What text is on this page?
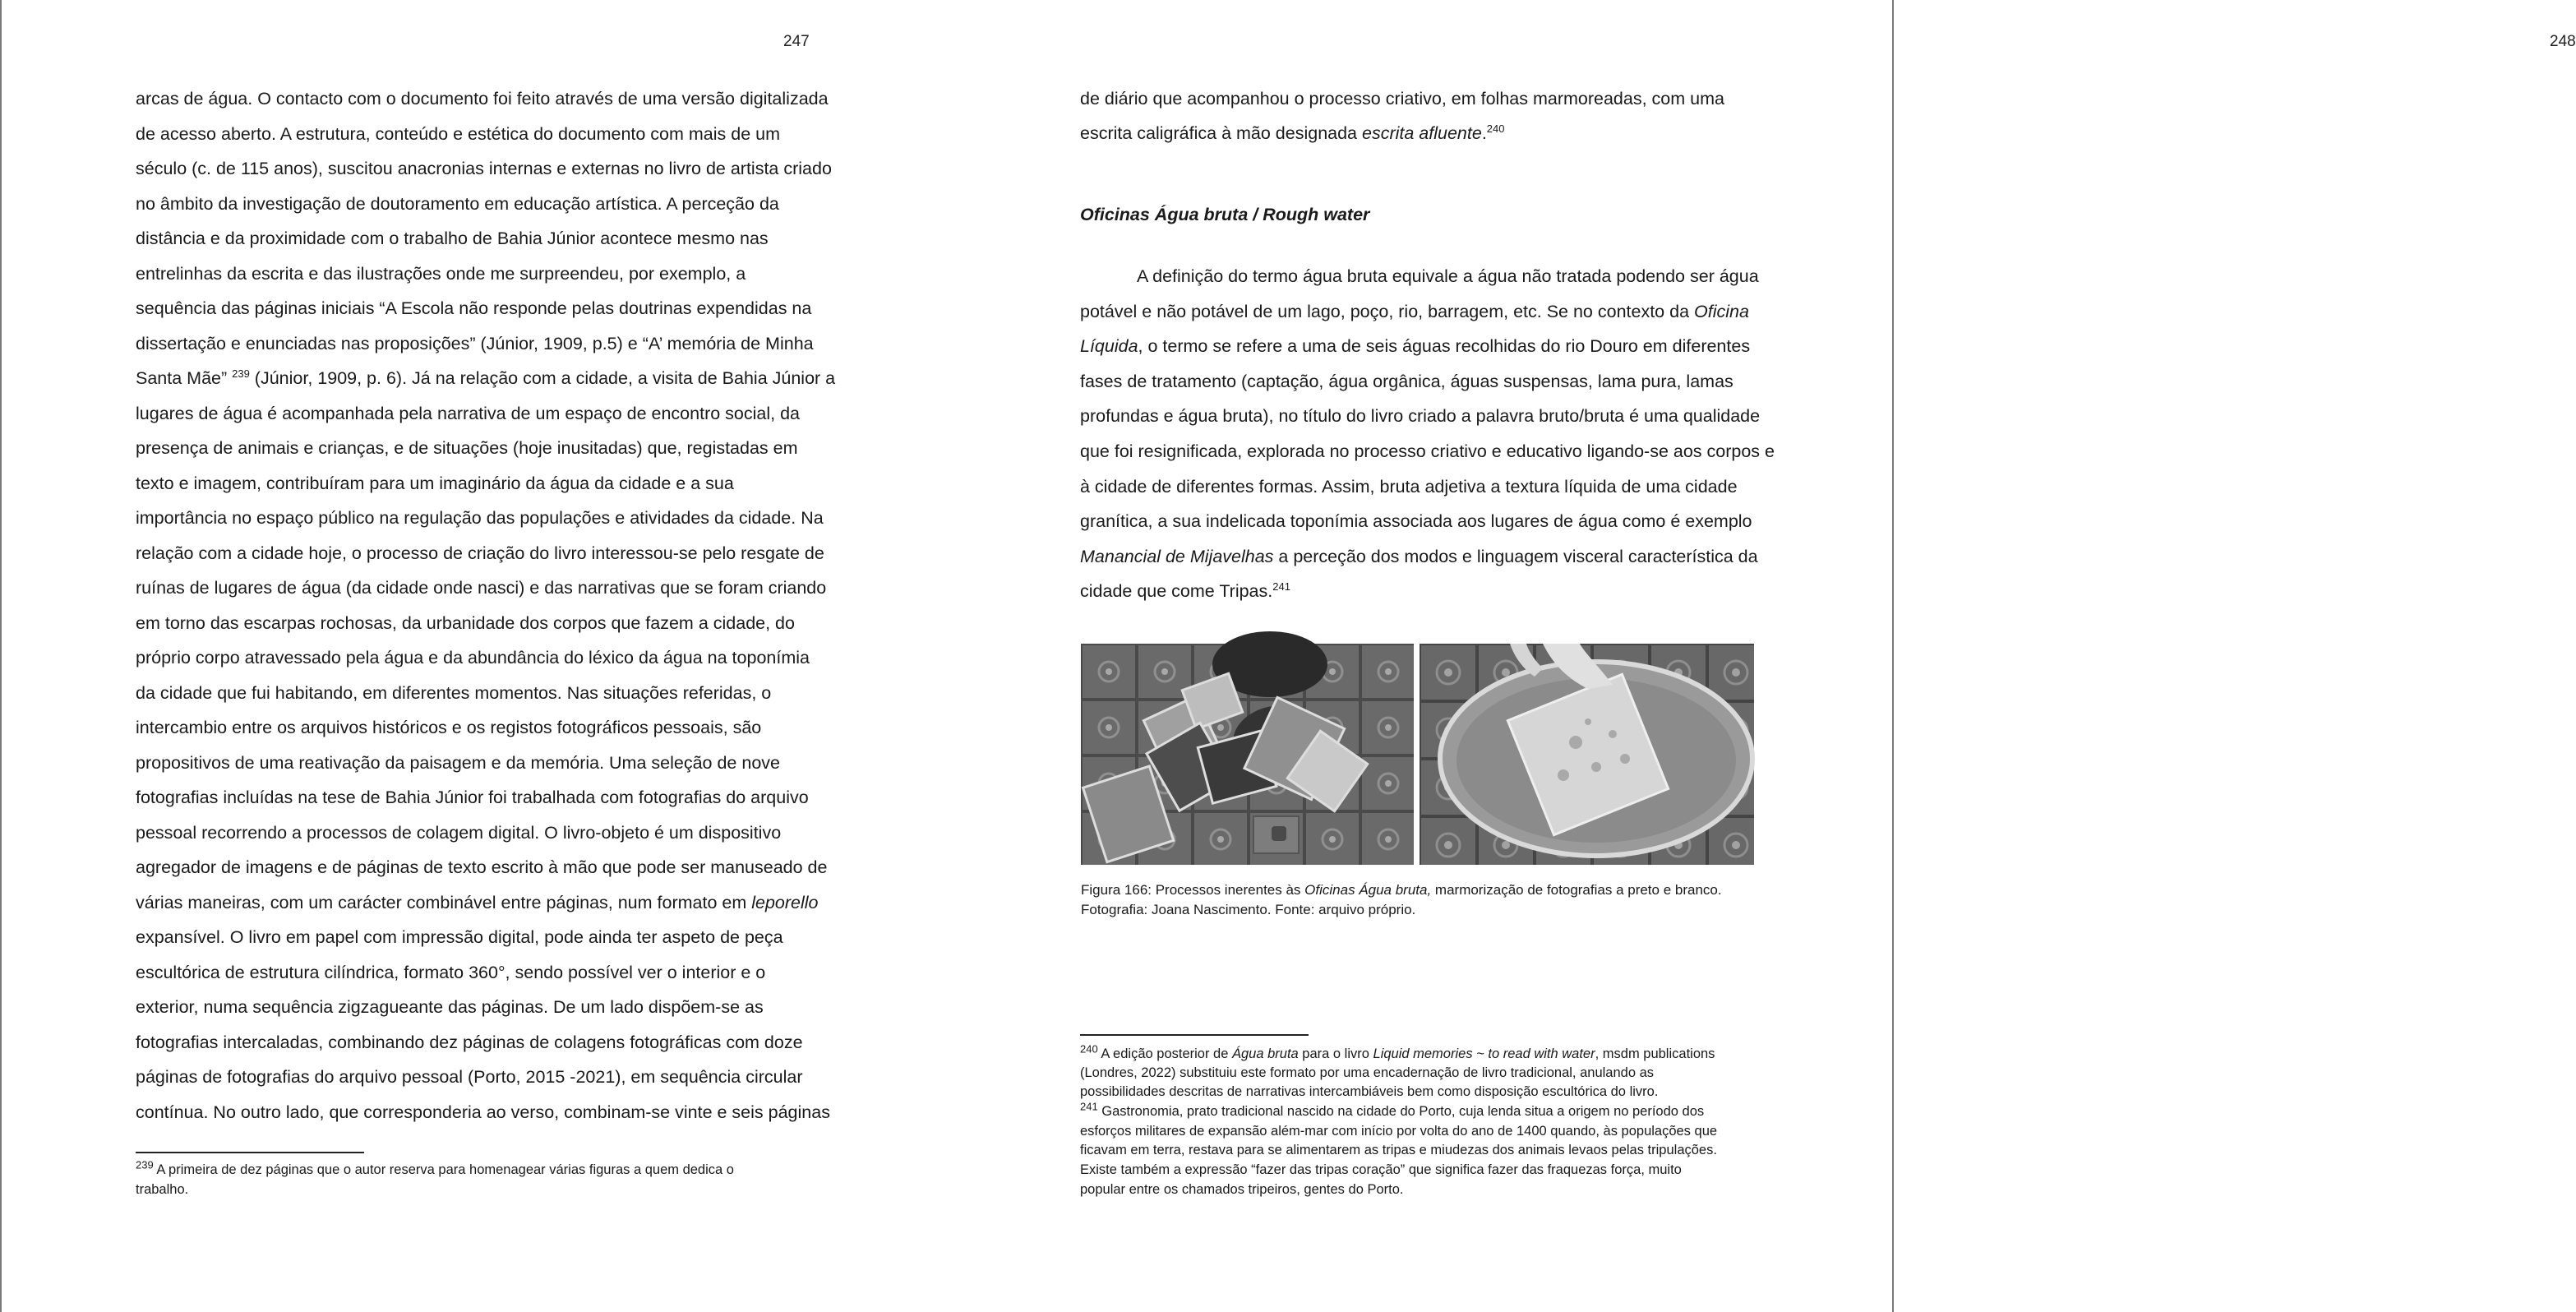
247
arcas de água. O contacto com o documento foi feito através de uma versão digitalizada
de acesso aberto. A estrutura, conteúdo e estética do documento com mais de um
século (c. de 115 anos), suscitou anacronias internas e externas no livro de artista criado
no âmbito da investigação de doutoramento em educação artística. A perceção da
distância e da proximidade com o trabalho de Bahia Júnior acontece mesmo nas
entrelinhas da escrita e das ilustrações onde me surpreendeu, por exemplo, a
sequência das páginas iniciais “A Escola não responde pelas doutrinas expendidas na
dissertação e enunciadas nas proposições” (Júnior, 1909, p.5) e “A’ memória de Minha
Santa Mãe” $^{239}$ (Júnior, 1909, p. 6). Já na relação com a cidade, a visita de Bahia Júnior a
lugares de água é acompanhada pela narrativa de um espaço de encontro social, da
presença de animais e crianças, e de situações (hoje inusitadas) que, registadas em
texto e imagem, contribuíram para um imaginário da água da cidade e a sua
importância no espaço público na regulação das populações e atividades da cidade. Na
relação com a cidade hoje, o processo de criação do livro interessou-se pelo resgate de
ruínas de lugares de água (da cidade onde nasci) e das narrativas que se foram criando
em torno das escarpas rochosas, da urbanidade dos corpos que fazem a cidade, do
próprio corpo atravessado pela água e da abundância do léxico da água na toponímia
da cidade que fui habitando, em diferentes momentos. Nas situações referidas, o
intercambio entre os arquivos históricos e os registos fotográficos pessoais, são
propositivos de uma reativação da paisagem e da memória. Uma seleção de nove
fotografias incluídas na tese de Bahia Júnior foi trabalhada com fotografias do arquivo
pessoal recorrendo a processos de colagem digital. O livro-objeto é um dispositivo
agregador de imagens e de páginas de texto escrito à mão que pode ser manuseado de
várias maneiras, com um carácter combinável entre páginas, num formato em leporello
expansível. O livro em papel com impressão digital, pode ainda ter aspeto de peça
escultórica de estrutura cilíndrica, formato 360°, sendo possível ver o interior e o
exterior, numa sequência zigzagueante das páginas. De um lado dispõem-se as
fotografias intercaladas, combinando dez páginas de colagens fotográficas com doze
páginas de fotografias do arquivo pessoal (Porto, 2015 -2021), em sequência circular
contínua. No outro lado, que corresponderia ao verso, combinam-se vinte e seis páginas
$^{239}$ A primeira de dez páginas que o autor reserva para homenagear várias figuras a quem dedica o
trabalho.
248
de diário que acompanhou o processo criativo, em folhas marmoreadas, com uma
escrita caligráfica à mão designada escrita afluente.$^{240}$
Oficinas Água bruta / Rough water
A definição do termo água bruta equivale a água não tratada podendo ser água
potável e não potável de um lago, poço, rio, barragem, etc. Se no contexto da Oficina
Líquida, o termo se refere a uma de seis águas recolhidas do rio Douro em diferentes
fases de tratamento (captação, água orgânica, águas suspensas, lama pura, lamas
profundas e água bruta), no título do livro criado a palavra bruto/bruta é uma qualidade
que foi resignificada, explorada no processo criativo e educativo ligando-se aos corpos e
à cidade de diferentes formas. Assim, bruta adjetiva a textura líquida de uma cidade
granítica, a sua indelicada toponímia associada aos lugares de água como é exemplo
Manancial de Mijavelhas a perceção dos modos e linguagem visceral característica da
cidade que come Tripas.$^{241}$
Figura 166: Processos inerentes às Oficinas Água bruta, marmorização de fotografias a preto e branco.
Fotografia: Joana Nascimento. Fonte: arquivo próprio.
$^{240}$ A edição posterior de Água bruta para o livro Liquid memories ~ to read with water, msdm publications
(Londres, 2022) substituiu este formato por uma encadernação de livro tradicional, anulando as
possibilidades descritas de narrativas intercambiáveis bem como disposição escultórica do livro.
$^{241}$ Gastronomia, prato tradicional nascido na cidade do Porto, cuja lenda situa a origem no período dos
esforços militares de expansão além-mar com início por volta do ano de 1400 quando, às populações que
ficavam em terra, restava para se alimentarem as tripas e miudezas dos animais levaos pelas tripulações.
Existe também a expressão “fazer das tripas coração” que significa fazer das fraquezas força, muito
popular entre os chamados tripeiros, gentes do Porto.
